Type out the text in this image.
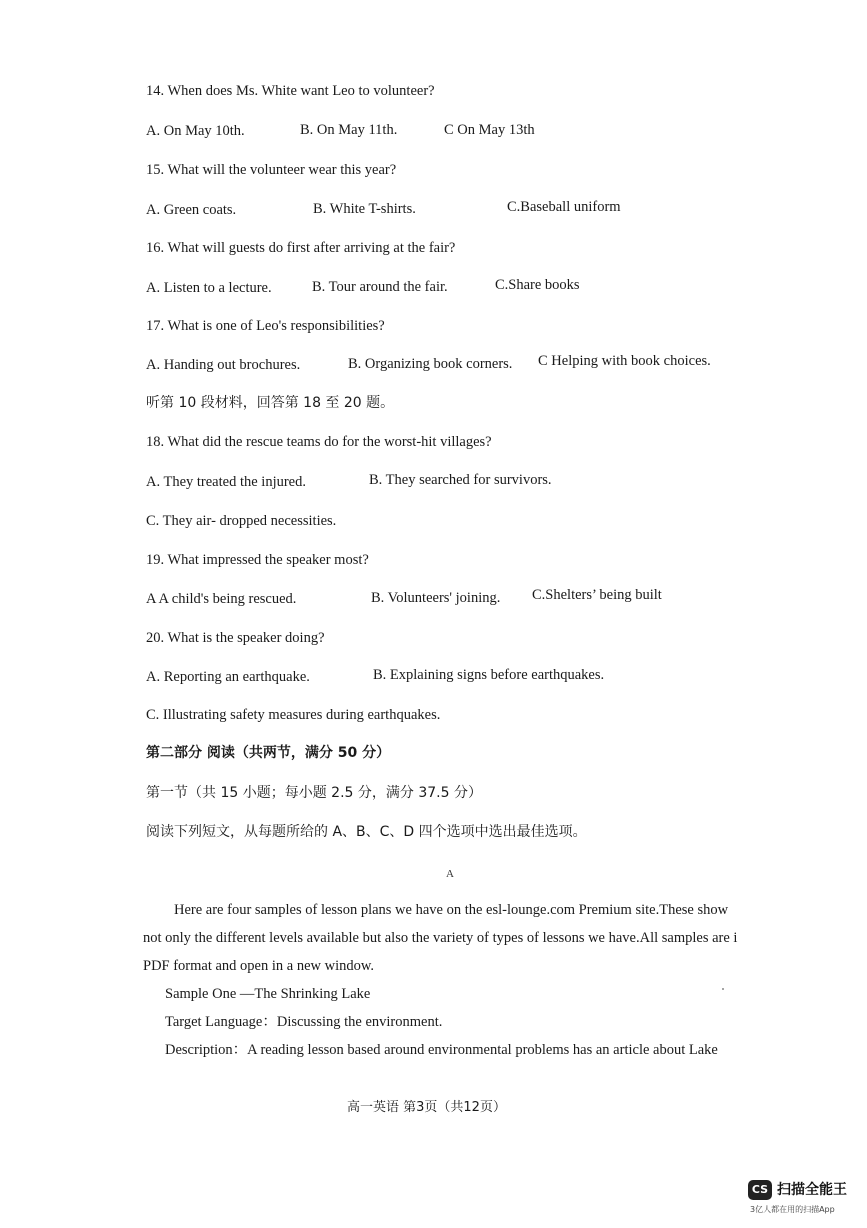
14. When does Ms. White want Leo to volunteer?
A. On May 10th.	B. On May 11th.	C On May 13th
15. What will the volunteer wear this year?
A. Green coats.	B. White T-shirts.	C.Baseball uniform
16. What will guests do first after arriving at the fair?
A. Listen to a lecture.	B. Tour around the fair.	C.Share books
17. What is one of Leo's responsibilities?
A. Handing out brochures.	B. Organizing book corners. C Helping with book choices.
听第 10 段材料，回答第 18 至 20 题。
18. What did the rescue teams do for the worst-hit villages?
A. They treated the injured.	B. They searched for survivors.
C. They air- dropped necessities.
19. What impressed the speaker most?
A A child's being rescued.	B. Volunteers' joining. C.Shelters’ being built
20. What is the speaker doing?
A. Reporting an earthquake.	B. Explaining signs before earthquakes.
C. Illustrating safety measures during earthquakes.
第二部分 阅读（共两节，满分 50 分）
第一节（共 15 小题；每小题 2.5 分，满分 37.5 分）
阅读下列短文，从每题所给的 A、B、C、D 四个选项中选出最佳选项。
A
Here are four samples of lesson plans we have on the esl-lounge.com Premium site.These show
not only the different levels available but also the variety of types of lessons we have.All samples are i
PDF format and open in a new window.
Sample One —The Shrinking Lake
Target Language：Discussing the environment.
Description：A reading lesson based around environmental problems has an article about Lake
高一英语 第3页（共12页）
CS 扫描全能王
3亿人都在用的扫描App
